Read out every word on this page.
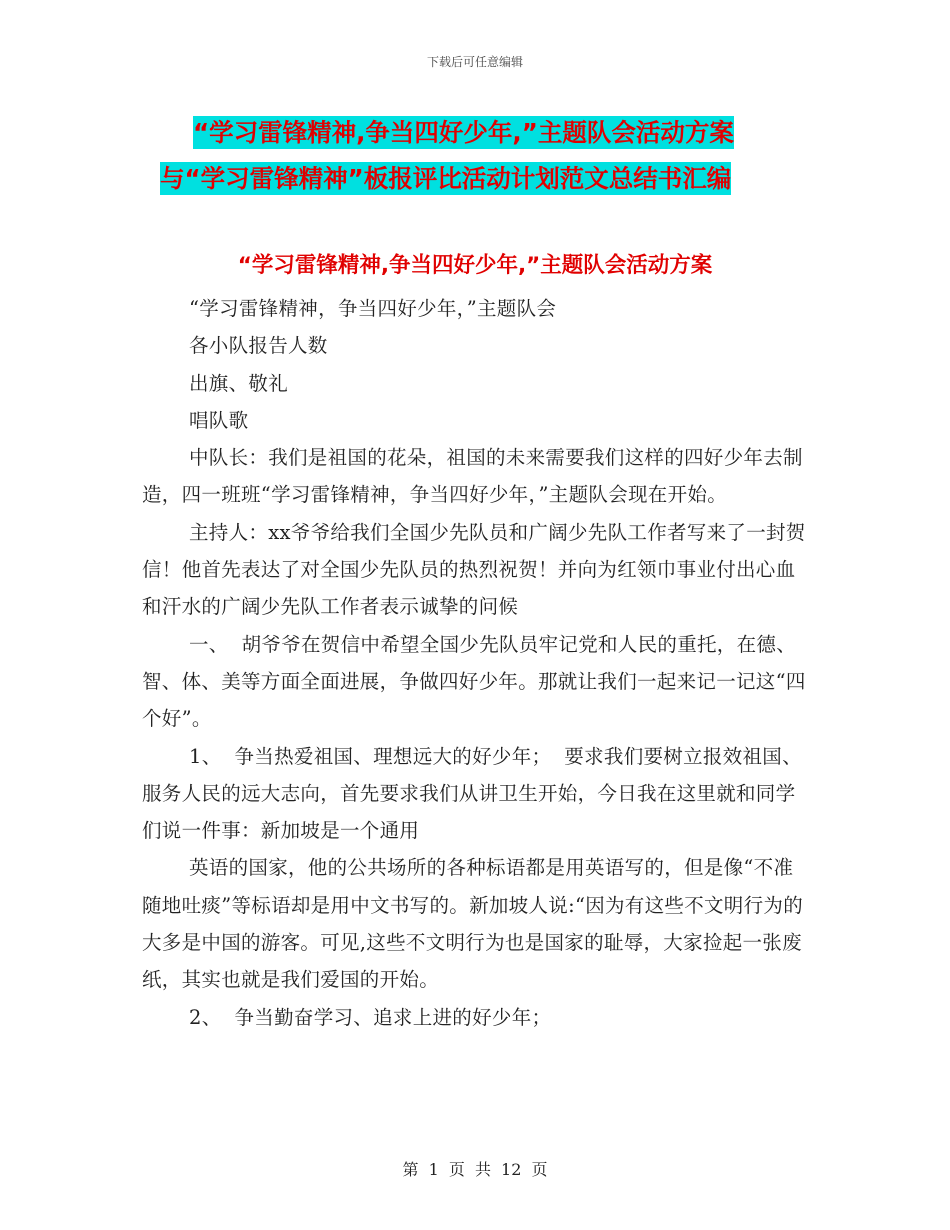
下载后可任意编辑
“学习雷锋精神,争当四好少年,”主题队会活动方案
与“学习雷锋精神”板报评比活动计划范文总结书汇编
“学习雷锋精神,争当四好少年,”主题队会活动方案

“学习雷锋精神，争当四好少年，”主题队会

各小队报告人数

出旗、敬礼

唱队歌

中队长：我们是祖国的花朵，祖国的未来需要我们这样的四好少年去制造，四一班班“学习雷锋精神，争当四好少年，”主题队会现在开始。

主持人：xx爷爷给我们全国少先队员和广阔少先队工作者写来了一封贺信！他首先表达了对全国少先队员的热烈祝贺！并向为红领巾事业付出心血和汗水的广阔少先队工作者表示诚挚的问候

一、  胡爷爷在贺信中希望全国少先队员牢记党和人民的重托，在德、智、体、美等方面全面进展，争做四好少年。那就让我们一起来记一记这“四个好”。

1、  争当热爱祖国、理想远大的好少年；  要求我们要树立报效祖国、服务人民的远大志向，首先要求我们从讲卫生开始，今日我在这里就和同学们说一件事：新加坡是一个通用

英语的国家，他的公共场所的各种标语都是用英语写的，但是像“不准随地吐痰”等标语却是用中文书写的。新加坡人说:“因为有这些不文明行为的大多是中国的游客。可见,这些不文明行为也是国家的耻辱，大家捡起一张废纸，其实也就是我们爱国的开始。

2、  争当勤奋学习、追求上进的好少年；

第 1 页 共 12 页
